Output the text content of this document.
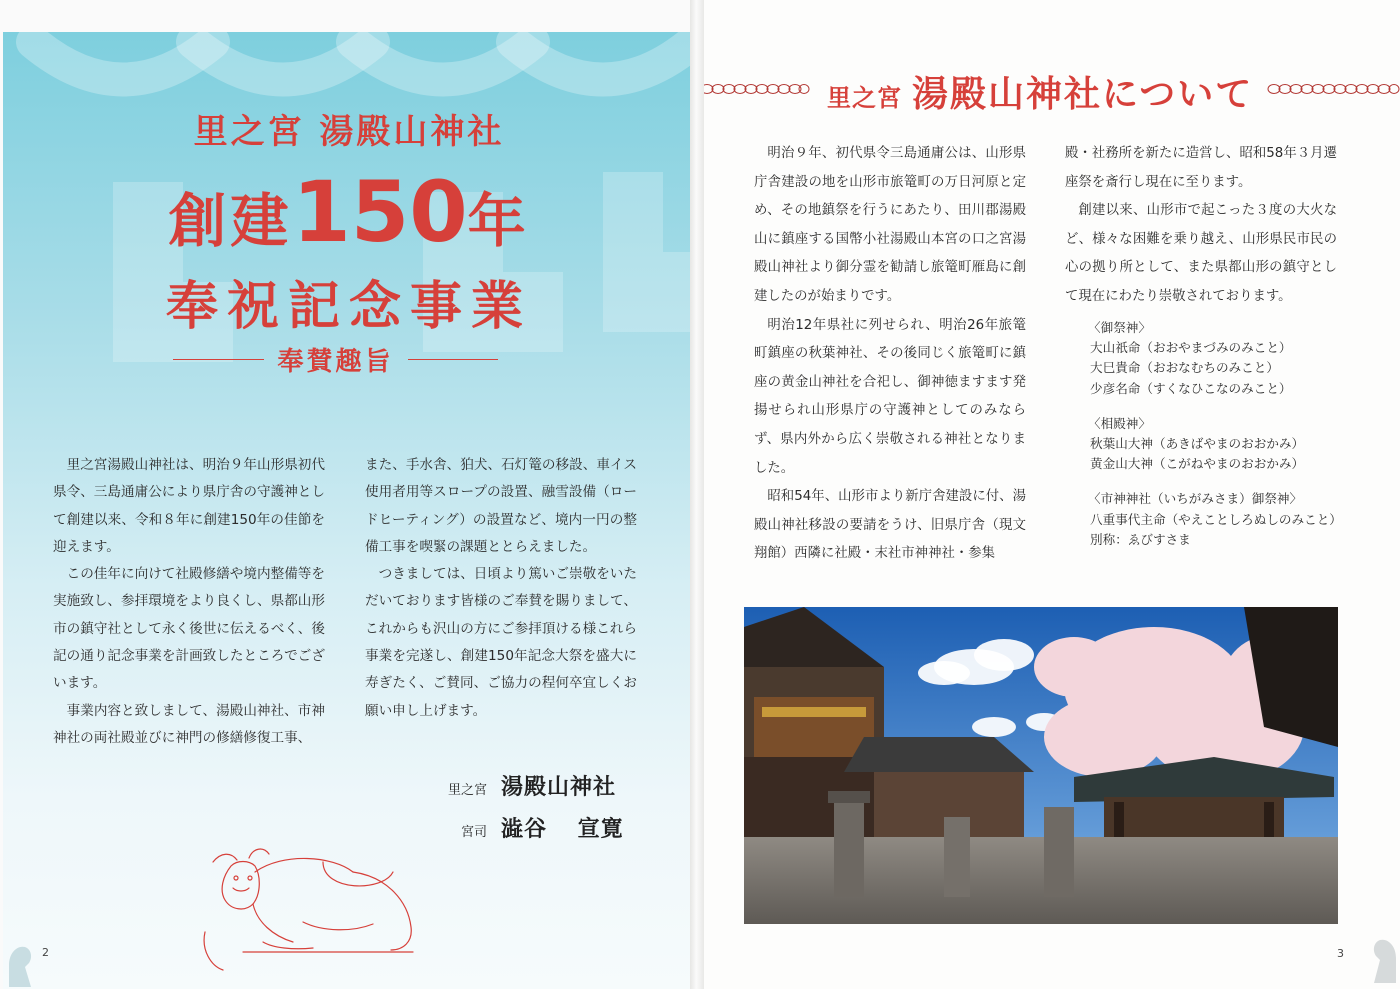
里之宮 湯殿山神社
創建150年
奉祝記念事業
奉賛趣旨

里之宮湯殿山神社は、明治９年山形県初代県令、三島通庸公により県庁舎の守護神として創建以来、令和８年に創建150年の佳節を迎えます。

この佳年に向けて社殿修繕や境内整備等を実施致し、参拝環境をより良くし、県都山形市の鎮守社として永く後世に伝えるべく、後記の通り記念事業を計画致したところでございます。

事業内容と致しまして、湯殿山神社、市神神社の両社殿並びに神門の修繕修復工事、

また、手水舎、狛犬、石灯篭の移設、車イス使用者用等スロープの設置、融雪設備（ロードヒーティング）の設置など、境内一円の整備工事を喫緊の課題ととらえました。

つきましては、日頃より篤いご崇敬をいただいております皆様のご奉賛を賜りまして、これからも沢山の方にご参拝頂ける様これら事業を完遂し、創建150年記念大祭を盛大に寿ぎたく、ご賛同、ご協力の程何卒宜しくお願い申し上げます。

里之宮 湯殿山神社
宮司 澁谷 宣寛
2
里之宮 湯殿山神社について

明治９年、初代県令三島通庸公は、山形県庁舎建設の地を山形市旅篭町の万日河原と定め、その地鎮祭を行うにあたり、田川郡湯殿山に鎮座する国幣小社湯殿山本宮の口之宮湯殿山神社より御分霊を勧請し旅篭町雁島に創建したのが始まりです。

明治12年県社に列せられ、明治26年旅篭町鎮座の秋葉神社、その後同じく旅篭町に鎮座の黄金山神社を合祀し、御神徳ますます発揚せられ山形県庁の守護神としてのみならず、県内外から広く崇敬される神社となりました。

昭和54年、山形市より新庁舎建設に付、湯殿山神社移設の要請をうけ、旧県庁舎（現文翔館）西隣に社殿・末社市神神社・参集

殿・社務所を新たに造営し、昭和58年３月遷座祭を斎行し現在に至ります。

創建以来、山形市で起こった３度の大火など、様々な困難を乗り越え、山形県民市民の心の拠り所として、また県都山形の鎮守として現在にわたり崇敬されております。

〈御祭神〉
大山祇命（おおやまづみのみこと）
大巳貴命（おおなむちのみこと）
少彦名命（すくなひこなのみこと）
〈相殿神〉
秋葉山大神（あきばやまのおおかみ）
黄金山大神（こがねやまのおおかみ）
〈市神神社（いちがみさま）御祭神〉
八重事代主命（やえことしろぬしのみこと）
別称：ゑびすさま
3
